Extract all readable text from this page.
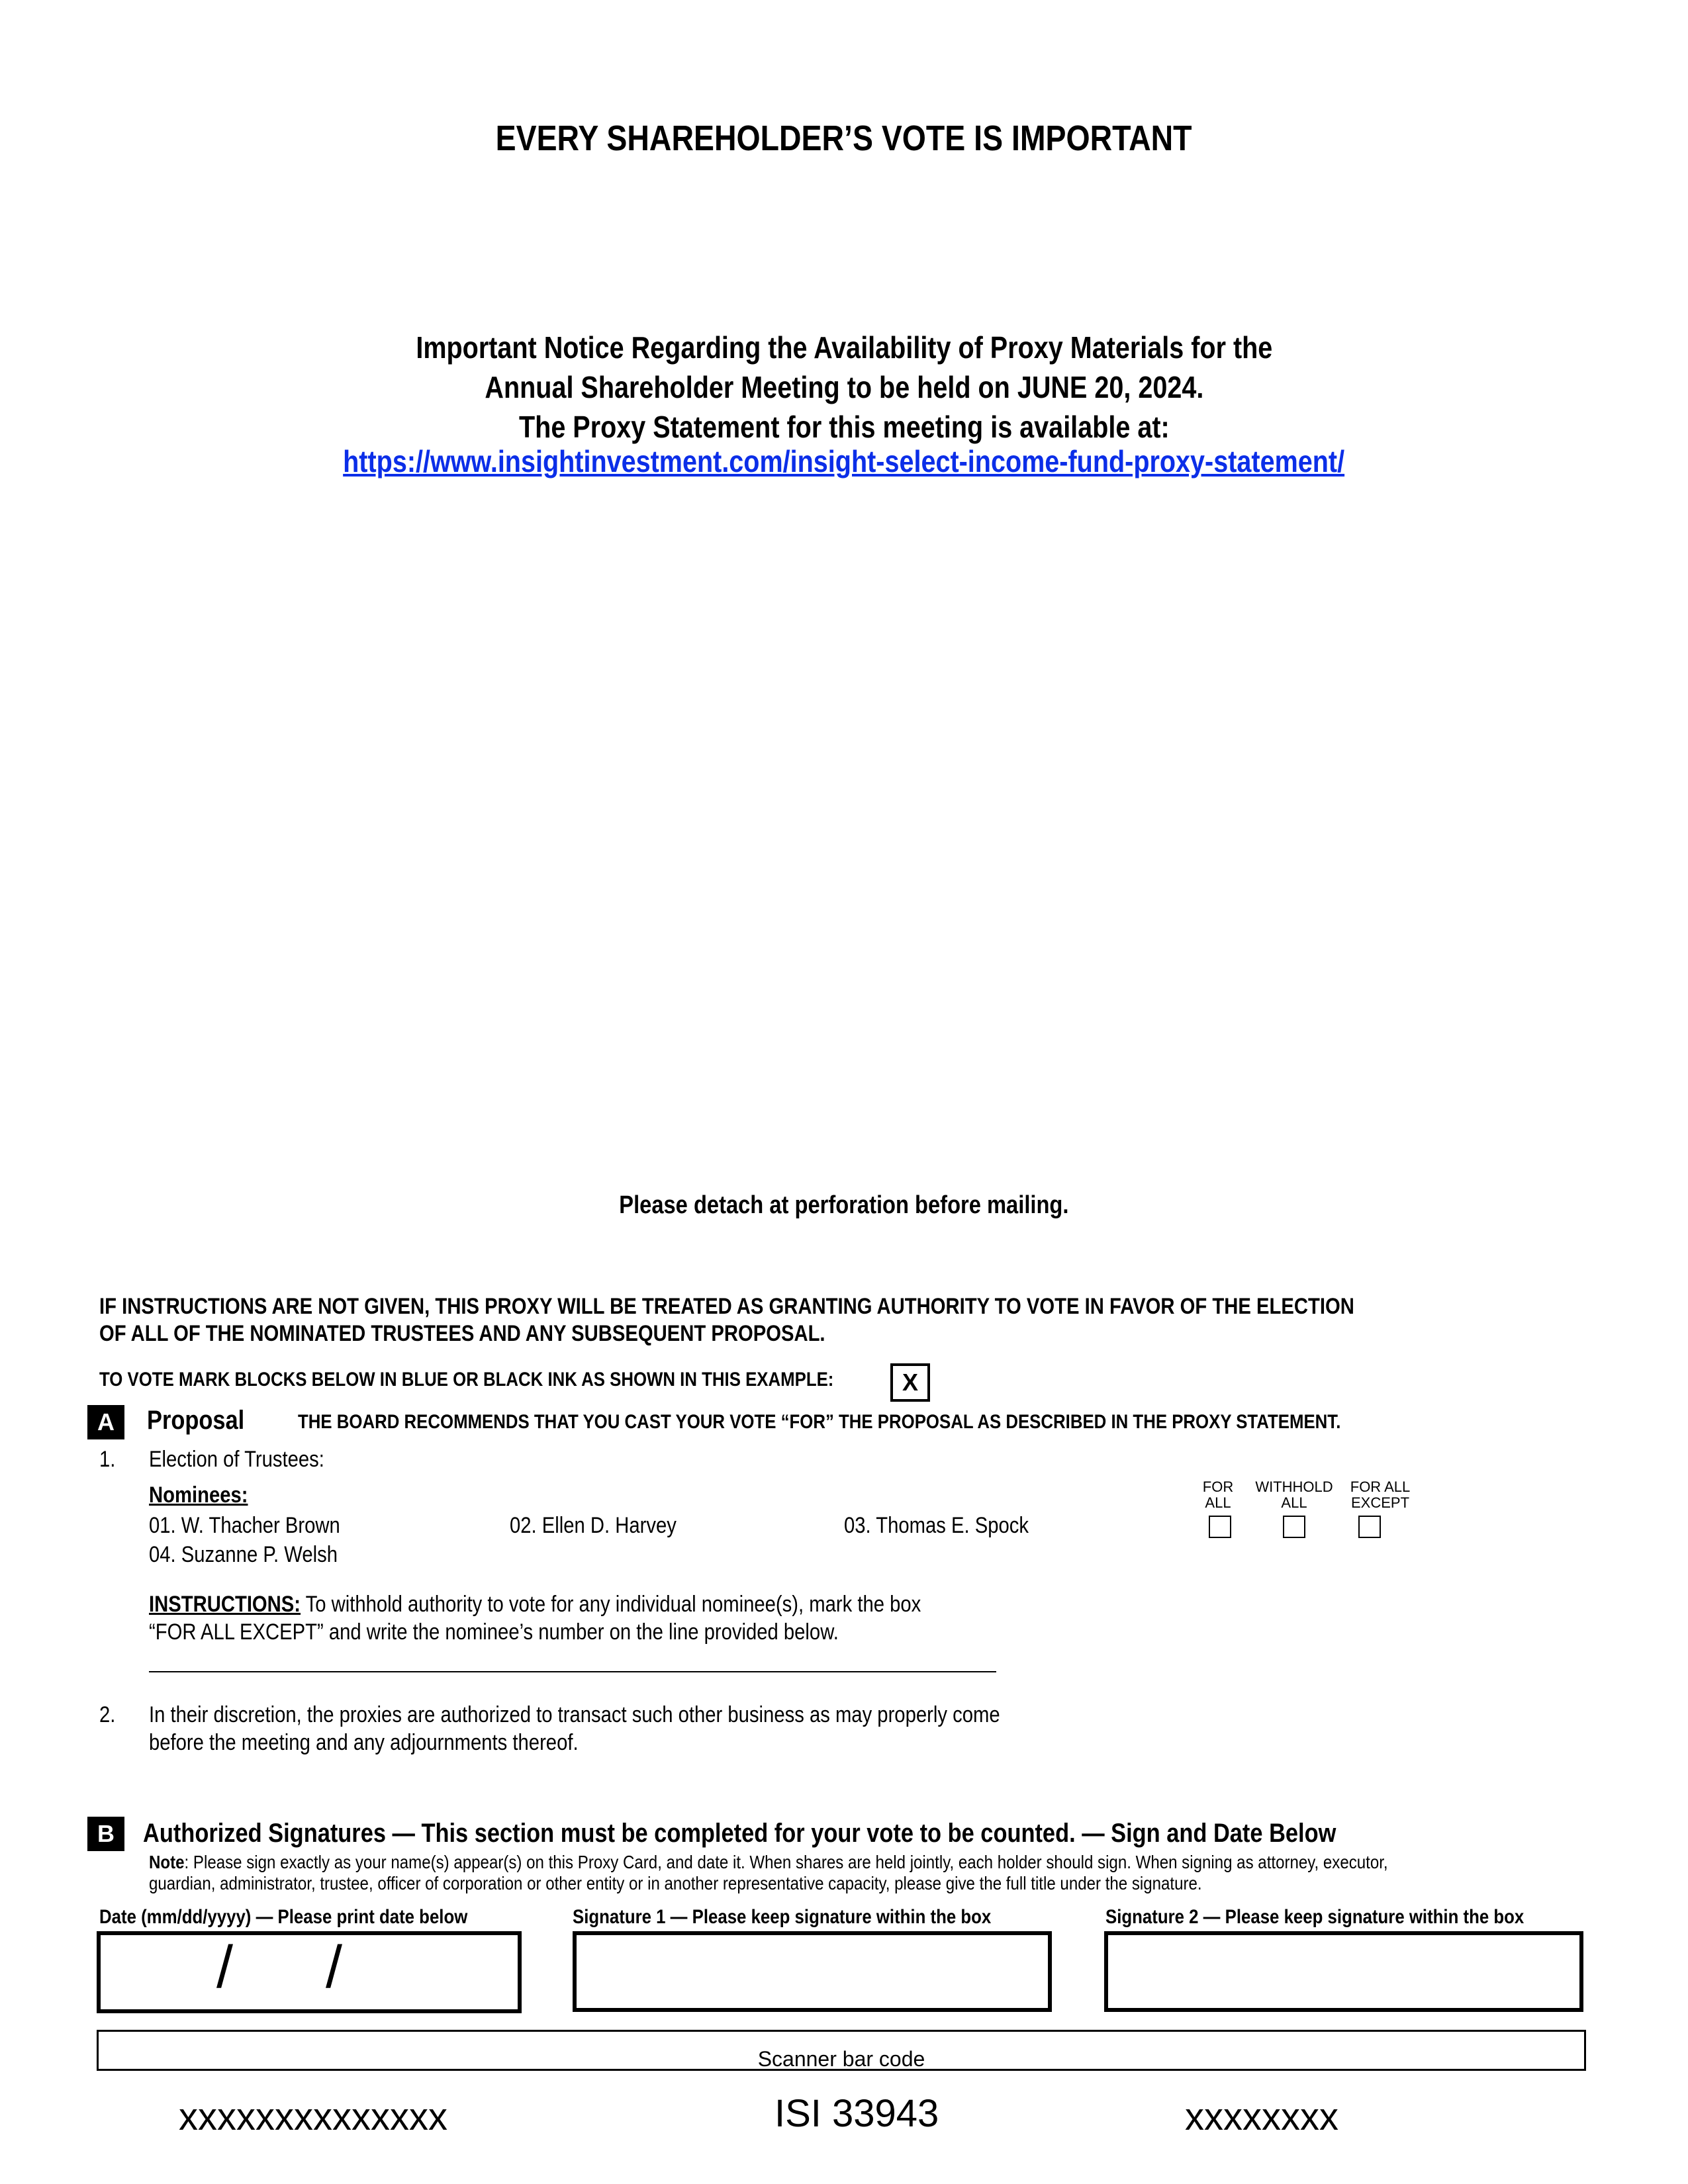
EVERY SHAREHOLDER’S VOTE IS IMPORTANT
Important Notice Regarding the Availability of Proxy Materials for the
Annual Shareholder Meeting to be held on JUNE 20, 2024.
The Proxy Statement for this meeting is available at:
https://www.insightinvestment.com/insight-select-income-fund-proxy-statement/
Please detach at perforation before mailing.
IF INSTRUCTIONS ARE NOT GIVEN, THIS PROXY WILL BE TREATED AS GRANTING AUTHORITY TO VOTE IN FAVOR OF THE ELECTION
OF ALL OF THE NOMINATED TRUSTEES AND ANY SUBSEQUENT PROPOSAL.
TO VOTE MARK BLOCKS BELOW IN BLUE OR BLACK INK AS SHOWN IN THIS EXAMPLE:	X
A	Proposal	THE BOARD RECOMMENDS THAT YOU CAST YOUR VOTE “FOR” THE PROPOSAL AS DESCRIBED IN THE PROXY STATEMENT.
1. Election of Trustees:
Nominees:
01. W. Thacher Brown	02. Ellen D. Harvey	03. Thomas E. Spock
04. Suzanne P. Welsh
FOR
ALL
WITHHOLD
ALL
FOR ALL
EXCEPT
INSTRUCTIONS: To withhold authority to vote for any individual nominee(s), mark the box
“FOR ALL EXCEPT” and write the nominee’s number on the line provided below.
2. In their discretion, the proxies are authorized to transact such other business as may properly come
before the meeting and any adjournments thereof.
B	Authorized Signatures — This section must be completed for your vote to be counted. — Sign and Date Below
Note: Please sign exactly as your name(s) appear(s) on this Proxy Card, and date it. When shares are held jointly, each holder should sign. When signing as attorney, executor,
guardian, administrator, trustee, officer of corporation or other entity or in another representative capacity, please give the full title under the signature.
Date (mm/dd/yyyy) — Please print date below	Signature 1 — Please keep signature within the box	Signature 2 — Please keep signature within the box
/ /
Scanner bar code
xxxxxxxxxxxxxx	ISI 33943	xxxxxxxx
